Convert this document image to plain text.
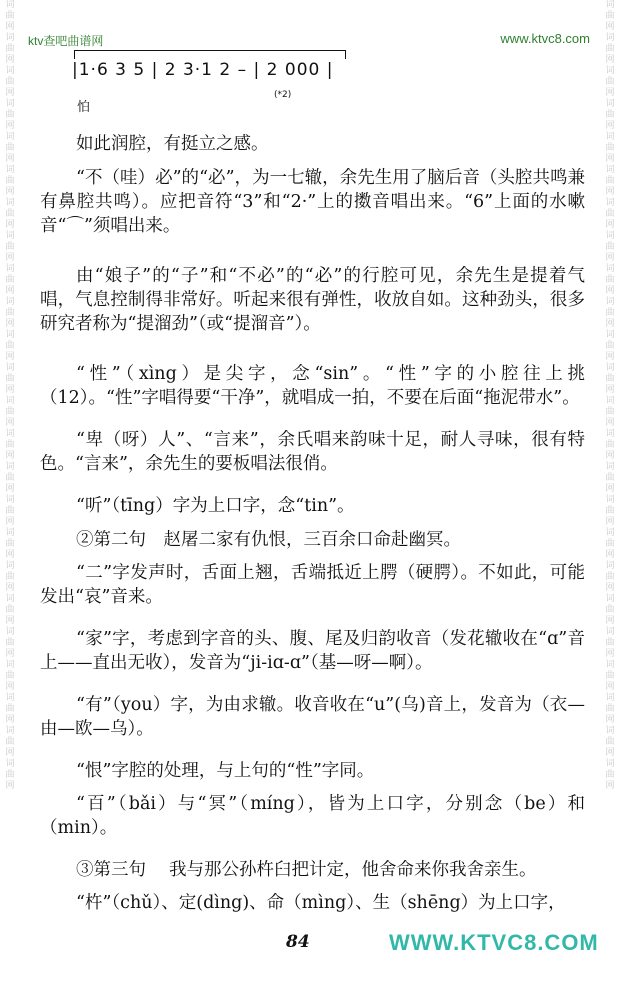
词曲网词曲网词曲网词曲网词曲网词曲网词曲网词曲网词曲网词曲网词曲网词曲网词曲网词曲网词曲网词曲网词曲网词曲网词曲网词曲网词曲网词曲网词曲网词曲网
词曲网词曲网词曲网词曲网词曲网词曲网词曲网词曲网词曲网词曲网词曲网词曲网词曲网词曲网词曲网词曲网词曲网词曲网词曲网词曲网词曲网词曲网词曲网词曲网
ktv查吧曲谱网	www.ktvc8.com
|1·6 3 5 | 2 3·1 2 – | 2 000 |
怕
(*2)

如此润腔，有挺立之感。

“不（哇）必”的“必”，为一七辙，余先生用了脑后音（头腔共鸣兼有鼻腔共鸣）。应把音符“3”和“2·”上的擞音唱出来。“6”上面的水嗽音“⌒”须唱出来。

由“娘子”的“子”和“不必”的“必”的行腔可见，余先生是提着气唱，气息控制得非常好。听起来很有弹性，收放自如。这种劲头，很多研究者称为“提溜劲”（或“提溜音”）。

“性”（xìng）是尖字，念“sin”。“性”字的小腔往上挑（12）。“性”字唱得要“干净”，就唱成一拍，不要在后面“拖泥带水”。

“卑（呀）人”、“言来”，余氏唱来韵味十足，耐人寻味，很有特色。“言来”，余先生的要板唱法很俏。

“听”（tīng）字为上口字，念“tin”。

②第二句　赵屠二家有仇恨，三百余口命赴幽冥。

“二”字发声时，舌面上翘，舌端抵近上腭（硬腭）。不如此，可能发出“哀”音来。

“家”字，考虑到字音的头、腹、尾及归韵收音（发花辙收在“ɑ”音上——直出无收），发音为“ji-iɑ-ɑ”（基—呀—啊）。

“有”（you）字，为由求辙。收音收在“u”(乌)音上，发音为（衣—由—欧—乌）。

“恨”字腔的处理，与上句的“性”字同。

“百”（bǎi）与“冥”（míng），皆为上口字，分别念（be）和（min）。

③第三句　 我与那公孙杵臼把计定，他舍命来你我舍亲生。

“杵”（chǔ）、定(dìng)、命（mìng）、生（shēng）为上口字，

84	WWW.KTVC8.COM
